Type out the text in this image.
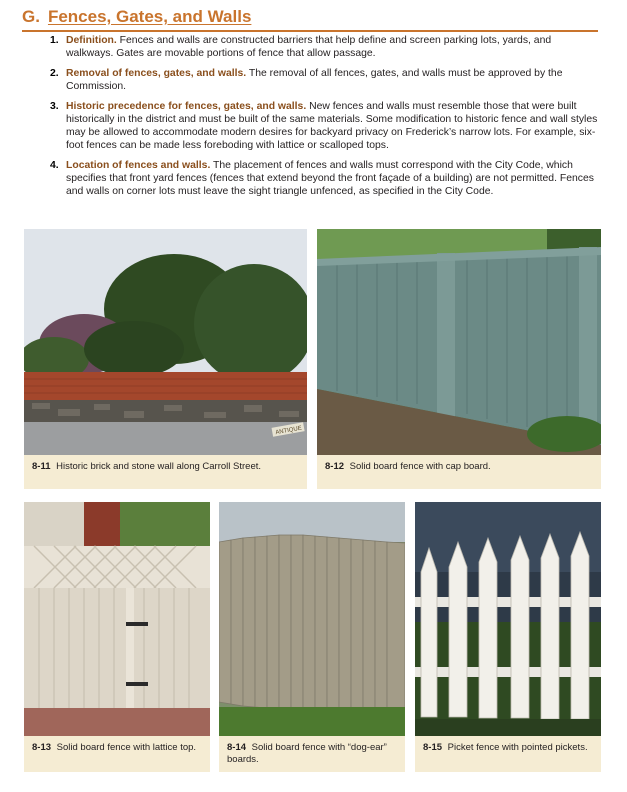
G. Fences, Gates, and Walls
1. Definition. Fences and walls are constructed barriers that help define and screen parking lots, yards, and walkways. Gates are movable portions of fence that allow passage.
2. Removal of fences, gates, and walls. The removal of all fences, gates, and walls must be approved by the Commission.
3. Historic precedence for fences, gates, and walls. New fences and walls must resemble those that were built historically in the district and must be built of the same materials. Some modification to historic fence and wall styles may be allowed to accommodate modern desires for backyard privacy on Frederick’s narrow lots. For example, six-foot fences can be made less foreboding with lattice or scalloped tops.
4. Location of fences and walls. The placement of fences and walls must correspond with the City Code, which specifies that front yard fences (fences that extend beyond the front façade of a building) are not permitted. Fences and walls on corner lots must leave the sight triangle unfenced, as specified in the City Code.
ANTIQUE
8-11 Historic brick and stone wall along Carroll Street.	8-12 Solid board fence with cap board.
8-13 Solid board fence with lattice top.	8-14 Solid board fence with “dog-ear” boards.
8-15 Picket fence with pointed pickets.
